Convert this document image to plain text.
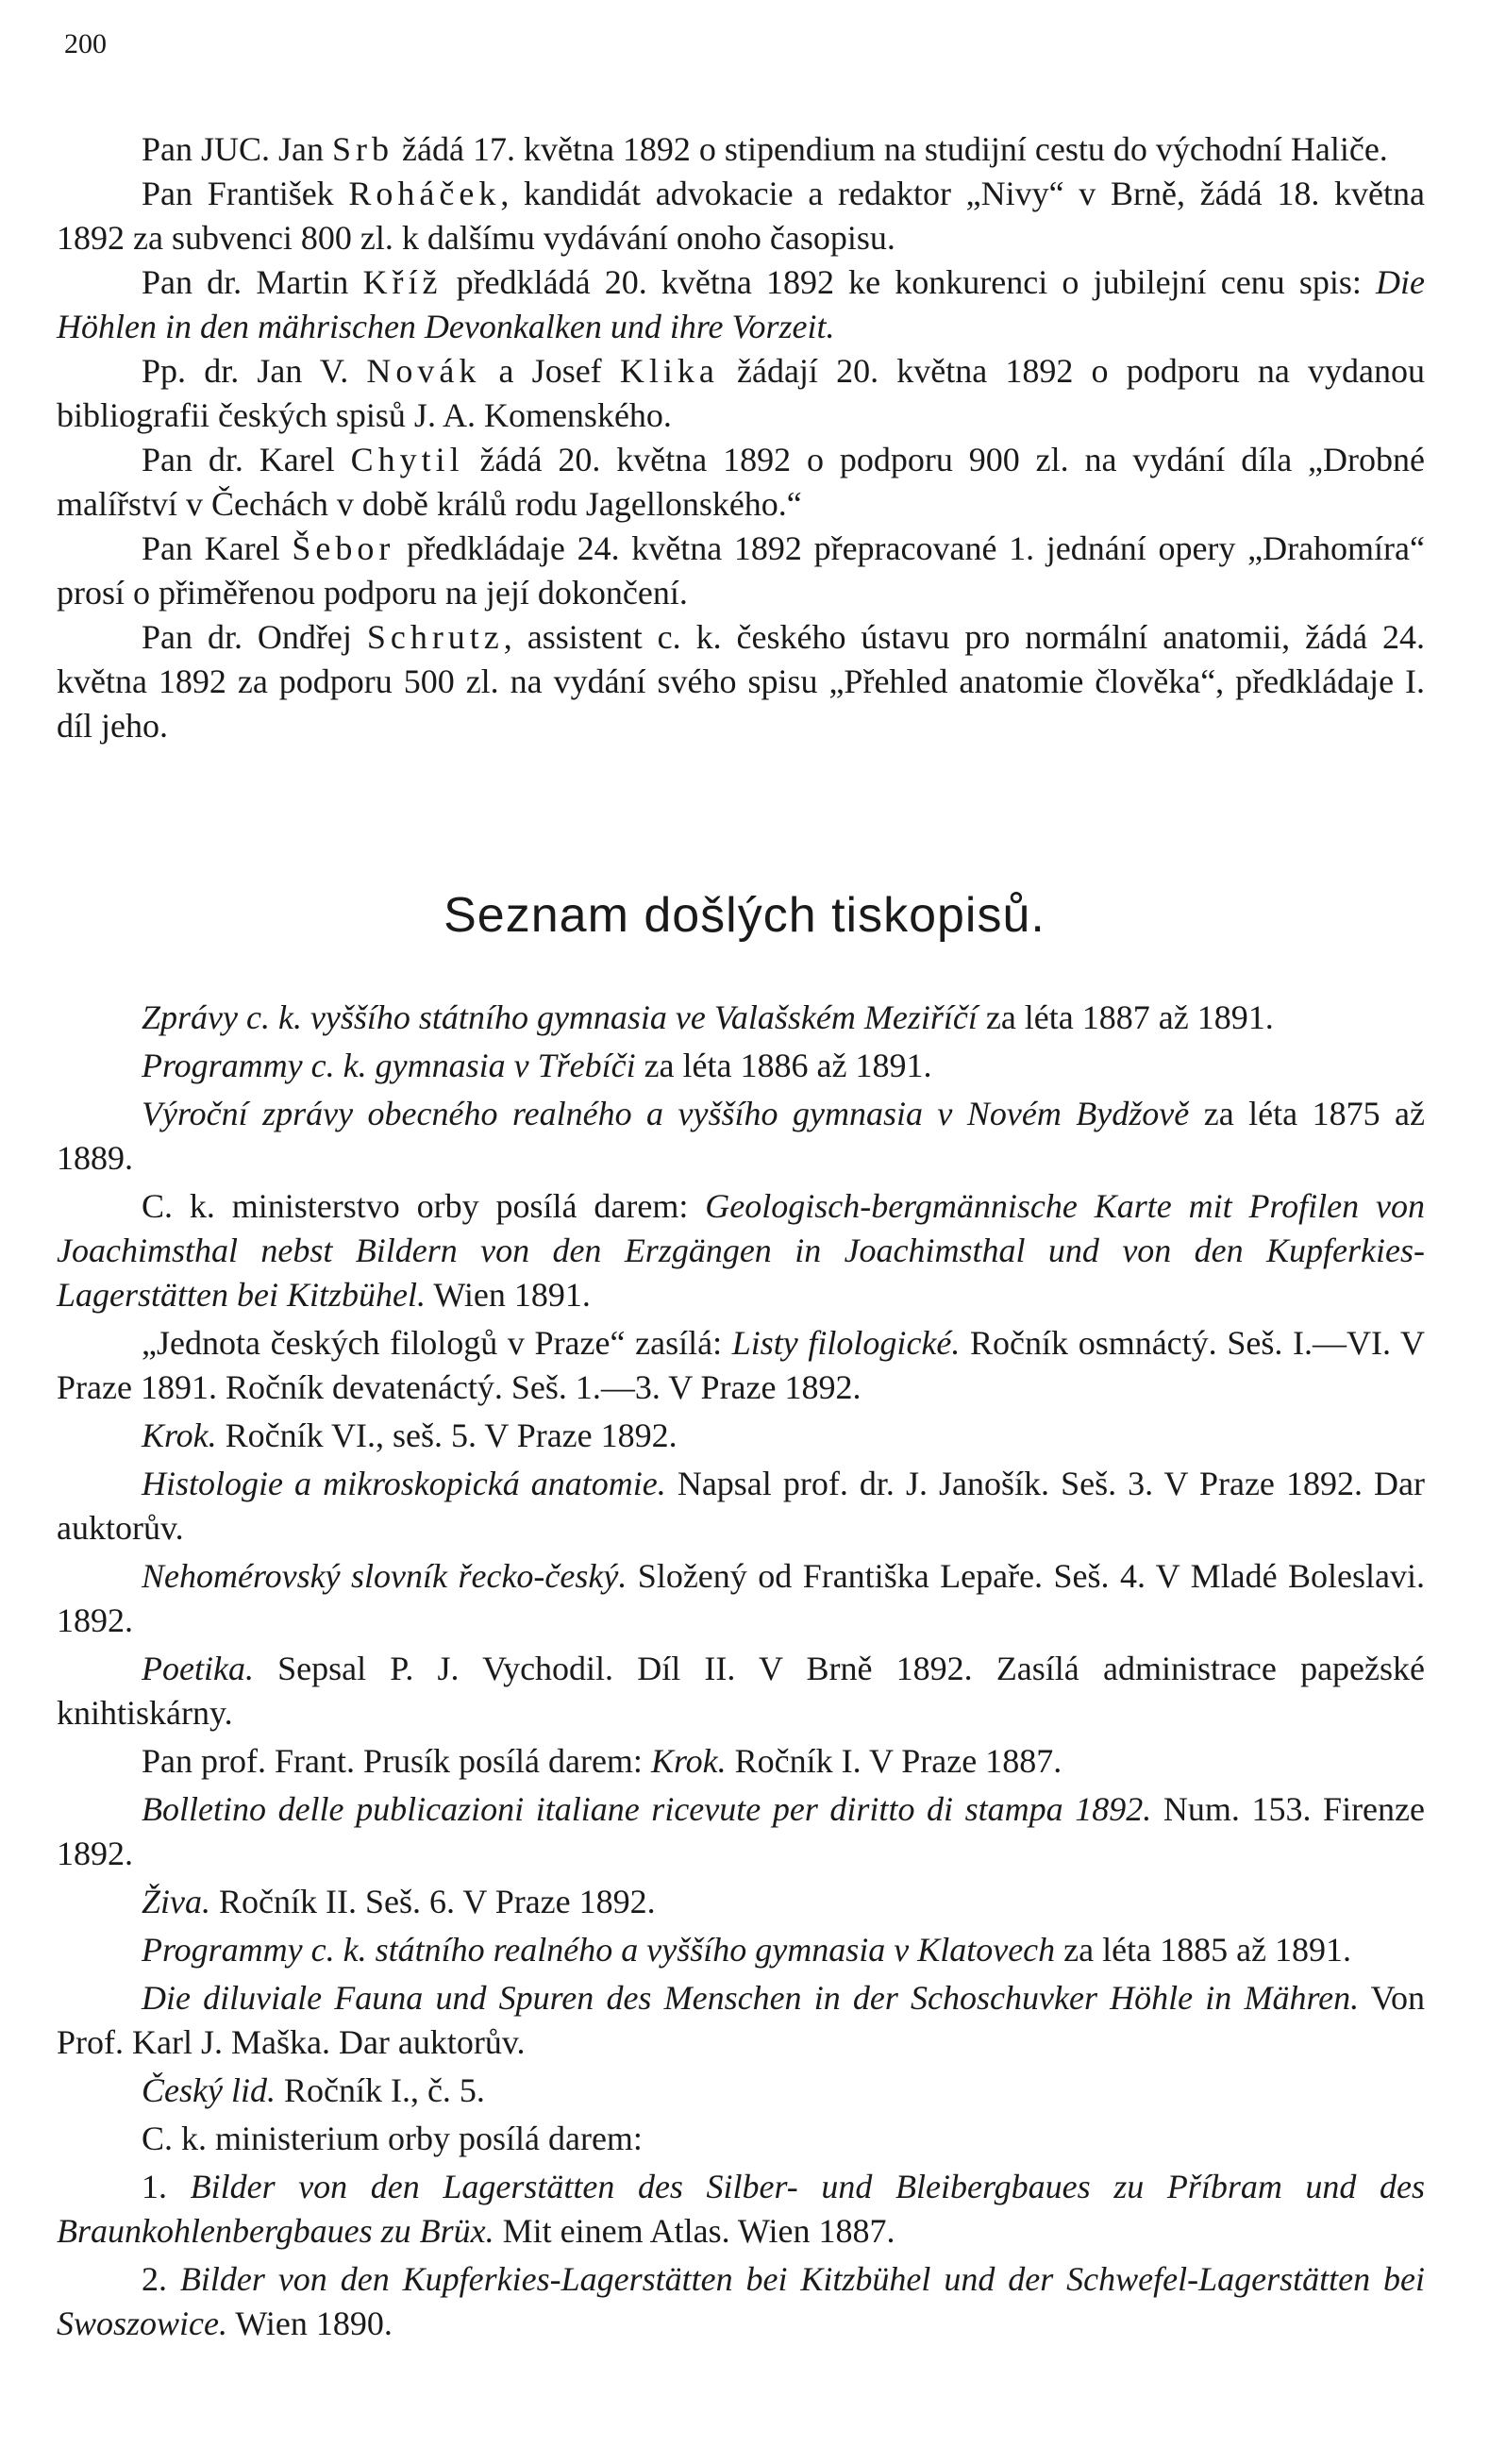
200

Pan JUC. Jan Srb žádá 17. května 1892 o stipendium na studijní cestu do východní Haliče.

Pan František Roháček, kandidát advokacie a redaktor „Nivy“ v Brně, žádá 18. května 1892 za subvenci 800 zl. k dalšímu vydávání onoho časopisu.

Pan dr. Martin Kříž předkládá 20. května 1892 ke konkurenci o jubilejní cenu spis: Die Höhlen in den mährischen Devonkalken und ihre Vorzeit.

Pp. dr. Jan V. Novák a Josef Klika žádají 20. května 1892 o podporu na vydanou bibliografii českých spisů J. A. Komenského.

Pan dr. Karel Chytil žádá 20. května 1892 o podporu 900 zl. na vydání díla „Drobné malířství v Čechách v době králů rodu Jagellonského.“

Pan Karel Šebor předkládaje 24. května 1892 přepracované 1. jednání opery „Drahomíra“ prosí o přiměřenou podporu na její dokončení.

Pan dr. Ondřej Schrutz, assistent c. k. českého ústavu pro normální anatomii, žádá 24. května 1892 za podporu 500 zl. na vydání svého spisu „Přehled anatomie člověka“, předkládaje I. díl jeho.

Seznam došlých tiskopisů.

Zprávy c. k. vyššího státního gymnasia ve Valašském Meziříčí za léta 1887 až 1891.

Programmy c. k. gymnasia v Třebíči za léta 1886 až 1891.

Výroční zprávy obecného realného a vyššího gymnasia v Novém Bydžově za léta 1875 až 1889.

C. k. ministerstvo orby posílá darem: Geologisch-bergmännische Karte mit Profilen von Joachimsthal nebst Bildern von den Erzgängen in Joachimsthal und von den Kupferkies-Lagerstätten bei Kitzbühel. Wien 1891.

„Jednota českých filologů v Praze“ zasílá: Listy filologické. Ročník osmnáctý. Seš. I.—VI. V Praze 1891. Ročník devatenáctý. Seš. 1.—3. V Praze 1892.

Krok. Ročník VI., seš. 5. V Praze 1892.

Histologie a mikroskopická anatomie. Napsal prof. dr. J. Janošík. Seš. 3. V Praze 1892. Dar auktorův.

Nehomérovský slovník řecko-český. Složený od Františka Lepaře. Seš. 4. V Mladé Boleslavi. 1892.

Poetika. Sepsal P. J. Vychodil. Díl II. V Brně 1892. Zasílá administrace papežské knihtiskárny.

Pan prof. Frant. Prusík posílá darem: Krok. Ročník I. V Praze 1887.

Bolletino delle publicazioni italiane ricevute per diritto di stampa 1892. Num. 153. Firenze 1892.

Živa. Ročník II. Seš. 6. V Praze 1892.

Programmy c. k. státního realného a vyššího gymnasia v Klatovech za léta 1885 až 1891.

Die diluviale Fauna und Spuren des Menschen in der Schoschuvker Höhle in Mähren. Von Prof. Karl J. Maška. Dar auktorův.

Český lid. Ročník I., č. 5.

C. k. ministerium orby posílá darem:

1. Bilder von den Lagerstätten des Silber- und Bleibergbaues zu Příbram und des Braunkohlenbergbaues zu Brüx. Mit einem Atlas. Wien 1887.

2. Bilder von den Kupferkies-Lagerstätten bei Kitzbühel und der Schwefel-Lagerstätten bei Swoszowice. Wien 1890.
